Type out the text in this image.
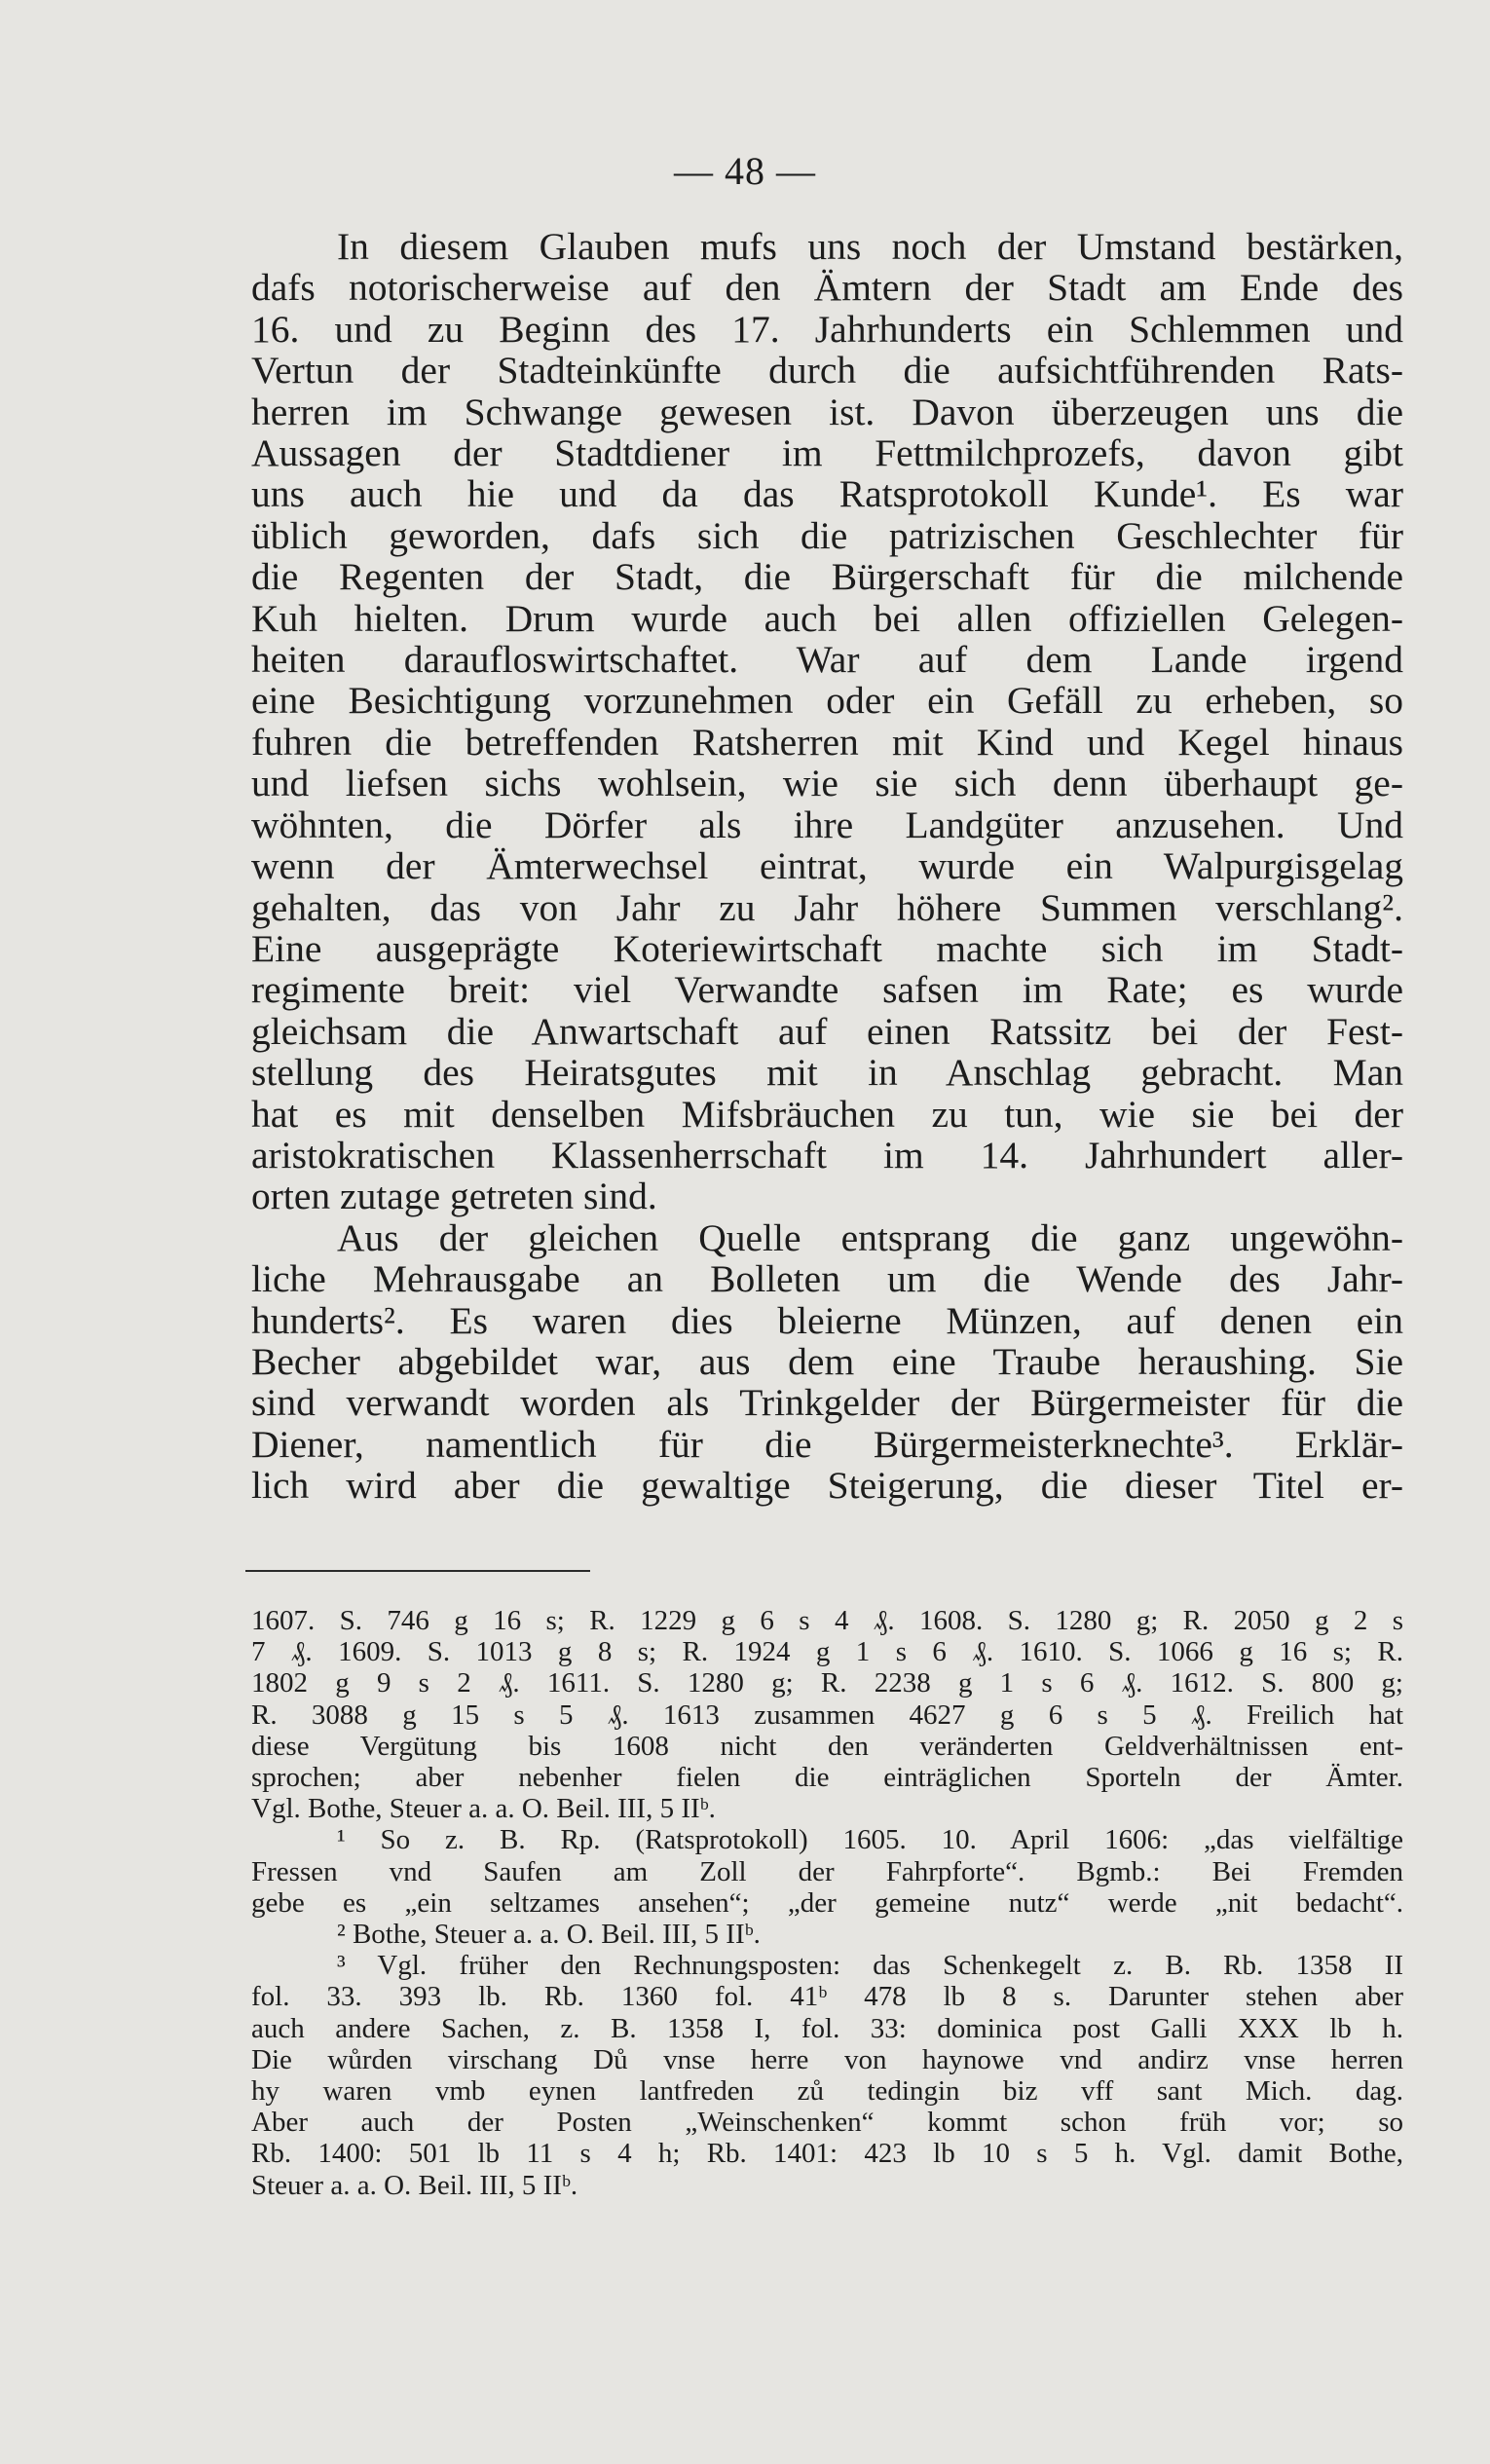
— 48 —
In diesem Glauben mufs uns noch der Umstand bestärken,
dafs notorischerweise auf den Ämtern der Stadt am Ende des
16. und zu Beginn des 17. Jahrhunderts ein Schlemmen und
Vertun der Stadteinkünfte durch die aufsichtführenden Rats-
herren im Schwange gewesen ist. Davon überzeugen uns die
Aussagen der Stadtdiener im Fettmilchprozefs, davon gibt
uns auch hie und da das Ratsprotokoll Kunde¹. Es war
üblich geworden, dafs sich die patrizischen Geschlechter für
die Regenten der Stadt, die Bürgerschaft für die milchende
Kuh hielten. Drum wurde auch bei allen offiziellen Gelegen-
heiten daraufloswirtschaftet. War auf dem Lande irgend
eine Besichtigung vorzunehmen oder ein Gefäll zu erheben, so
fuhren die betreffenden Ratsherren mit Kind und Kegel hinaus
und liefsen sichs wohlsein, wie sie sich denn überhaupt ge-
wöhnten, die Dörfer als ihre Landgüter anzusehen. Und
wenn der Ämterwechsel eintrat, wurde ein Walpurgisgelag
gehalten, das von Jahr zu Jahr höhere Summen verschlang².
Eine ausgeprägte Koteriewirtschaft machte sich im Stadt-
regimente breit: viel Verwandte safsen im Rate; es wurde
gleichsam die Anwartschaft auf einen Ratssitz bei der Fest-
stellung des Heiratsgutes mit in Anschlag gebracht. Man
hat es mit denselben Mifsbräuchen zu tun, wie sie bei der
aristokratischen Klassenherrschaft im 14. Jahrhundert aller-
orten zutage getreten sind.
Aus der gleichen Quelle entsprang die ganz ungewöhn-
liche Mehrausgabe an Bolleten um die Wende des Jahr-
hunderts². Es waren dies bleierne Münzen, auf denen ein
Becher abgebildet war, aus dem eine Traube heraushing. Sie
sind verwandt worden als Trinkgelder der Bürgermeister für die
Diener, namentlich für die Bürgermeisterknechte³. Erklär-
lich wird aber die gewaltige Steigerung, die dieser Titel er-
1607. S. 746 g 16 s; R. 1229 g 6 s 4 ₰. 1608. S. 1280 g; R. 2050 g 2 s
7 ₰. 1609. S. 1013 g 8 s; R. 1924 g 1 s 6 ₰. 1610. S. 1066 g 16 s; R.
1802 g 9 s 2 ₰. 1611. S. 1280 g; R. 2238 g 1 s 6 ₰. 1612. S. 800 g;
R. 3088 g 15 s 5 ₰. 1613 zusammen 4627 g 6 s 5 ₰. Freilich hat
diese Vergütung bis 1608 nicht den veränderten Geldverhältnissen ent-
sprochen; aber nebenher fielen die einträglichen Sporteln der Ämter.
Vgl. Bothe, Steuer a. a. O. Beil. III, 5 IIᵇ.
¹ So z. B. Rp. (Ratsprotokoll) 1605. 10. April 1606: „das vielfältige
Fressen vnd Saufen am Zoll der Fahrpforte“. Bgmb.: Bei Fremden
gebe es „ein seltzames ansehen“; „der gemeine nutz“ werde „nit bedacht“.
² Bothe, Steuer a. a. O. Beil. III, 5 IIᵇ.
³ Vgl. früher den Rechnungsposten: das Schenkegelt z. B. Rb. 1358 II
fol. 33. 393 lb. Rb. 1360 fol. 41ᵇ 478 lb 8 s. Darunter stehen aber
auch andere Sachen, z. B. 1358 I, fol. 33: dominica post Galli XXX lb h.
Die wůrden virschang Dů vnse herre von haynowe vnd andirz vnse herren
hy waren vmb eynen lantfreden zů tedingin biz vff sant Mich. dag.
Aber auch der Posten „Weinschenken“ kommt schon früh vor; so
Rb. 1400: 501 lb 11 s 4 h; Rb. 1401: 423 lb 10 s 5 h. Vgl. damit Bothe,
Steuer a. a. O. Beil. III, 5 IIᵇ.
